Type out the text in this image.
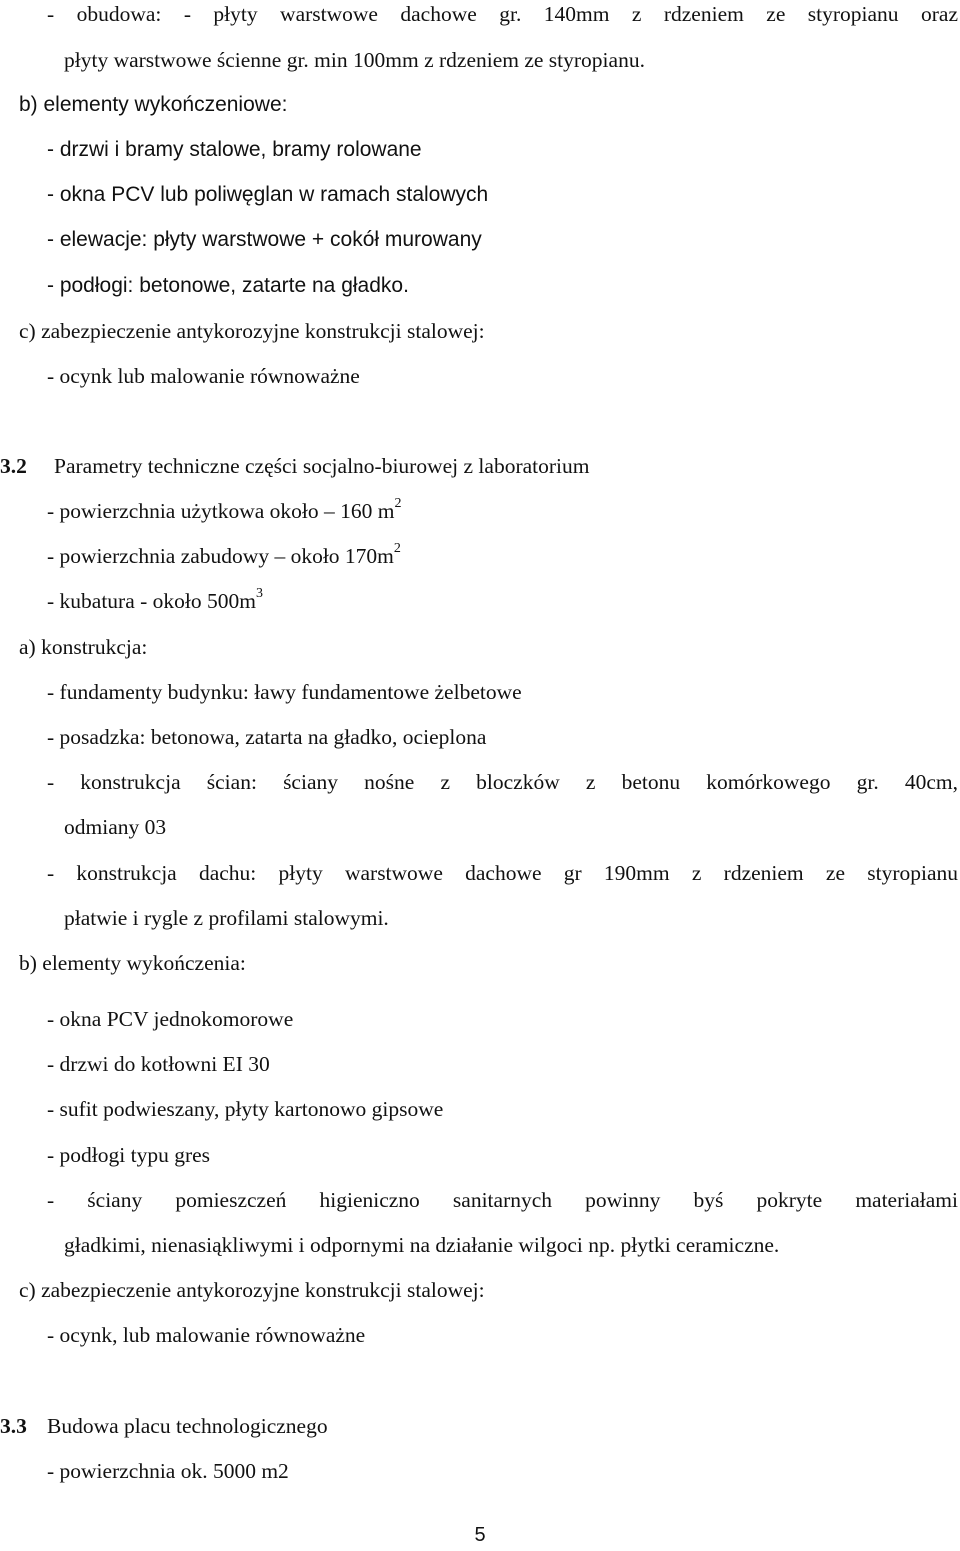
- obudowa: - płyty warstwowe dachowe gr. 140mm z rdzeniem ze styropianu oraz
płyty warstwowe ścienne gr. min 100mm z rdzeniem ze styropianu.
b) elementy wykończeniowe:
- drzwi i bramy stalowe, bramy rolowane
- okna PCV lub poliwęglan w ramach stalowych
- elewacje: płyty warstwowe + cokół murowany
- podłogi: betonowe, zatarte na gładko.
c) zabezpieczenie antykorozyjne konstrukcji stalowej:
- ocynk lub malowanie równoważne
3.2 Parametry techniczne części socjalno-biurowej z laboratorium
- powierzchnia użytkowa około – 160 $m^2$
- powierzchnia zabudowy – około $170m^2$
- kubatura - około $500m^3$
a) konstrukcja:
- fundamenty budynku: ławy fundamentowe żelbetowe
- posadzka: betonowa, zatarta na gładko, ocieplona
- konstrukcja ścian: ściany nośne z bloczków z betonu komórkowego gr. 40cm,
odmiany 03
- konstrukcja dachu: płyty warstwowe dachowe gr 190mm z rdzeniem ze styropianu
płatwie i rygle z profilami stalowymi.
b) elementy wykończenia:
- okna PCV jednokomorowe
- drzwi do kotłowni EI 30
- sufit podwieszany, płyty kartonowo gipsowe
- podłogi typu gres
- ściany pomieszczeń higieniczno sanitarnych powinny byś pokryte materiałami
gładkimi, nienasiąkliwymi i odpornymi na działanie wilgoci np. płytki ceramiczne.
c) zabezpieczenie antykorozyjne konstrukcji stalowej:
- ocynk, lub malowanie równoważne
3.3 Budowa placu technologicznego
- powierzchnia ok. 5000 m2
5
